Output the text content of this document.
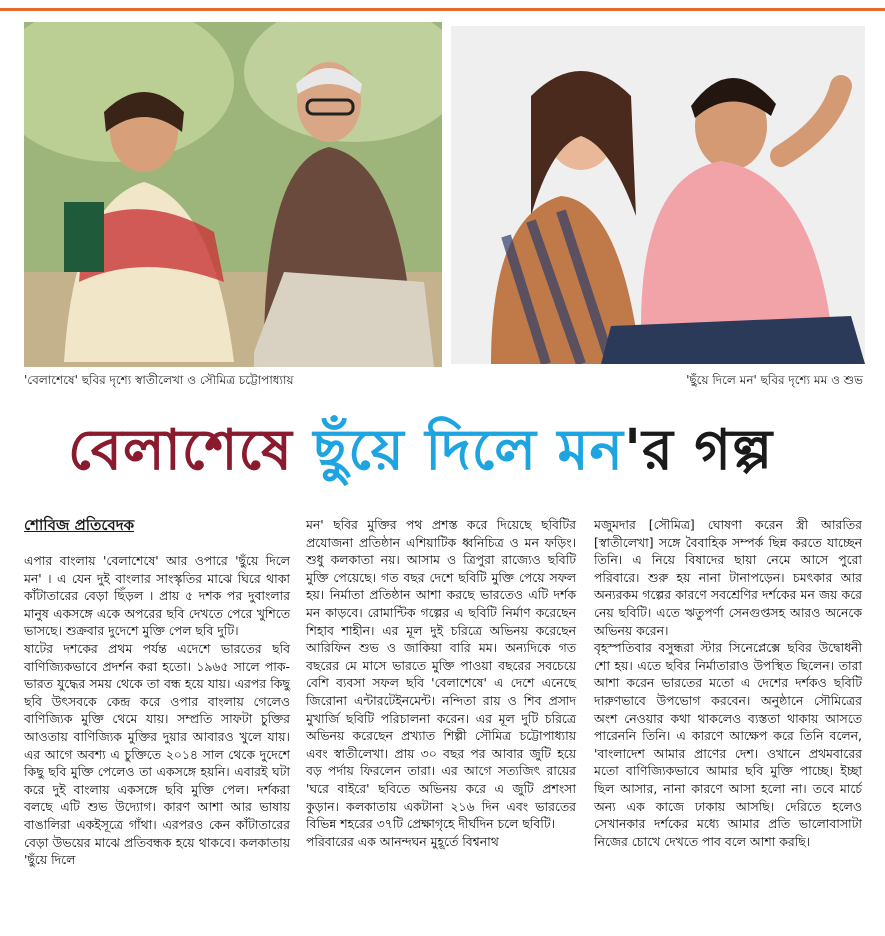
'বেলাশেষে' ছবির দৃশ্যে স্বাতীলেখা ও সৌমিত্র চট্টোপাধ্যায়	'ছুঁয়ে দিলে মন' ছবির দৃশ্যে মম ও শুভ
বেলাশেষে ছুঁয়ে দিলে মন'র গল্প
শোবিজ প্রতিবেদক

এপার বাংলায় 'বেলাশেষে' আর ওপারে 'ছুঁয়ে দিলে মন' । এ যেন দুই বাংলার সাংস্কৃতির মাঝে ঘিরে থাকা কাঁটাতারের বেড়া ছিঁড়ল । প্রায় ৫ দশক পর দুবাংলার মানুষ একসঙ্গে একে অপরের ছবি দেখতে পেরে খুশিতে ভাসছে। শুক্রবার দুদেশে মুক্তি পেল ছবি দুটি।

ষাটের দশকের প্রথম পর্যন্ত এদেশে ভারতের ছবি বাণিজ্যিকভাবে প্রদর্শন করা হতো। ১৯৬৫ সালে পাক-ভারত যুদ্ধের সময় থেকে তা বন্ধ হয়ে যায়। এরপর কিছু ছবি উৎসবকে কেন্দ্র করে ওপার বাংলায় গেলেও বাণিজ্যিক মুক্তি থেমে যায়। সম্প্রতি সাফটা চুক্তির আওতায় বাণিজ্যিক মুক্তির দুয়ার আবারও খুলে যায়। এর আগে অবশ্য এ চুক্তিতে ২০১৪ সাল থেকে দুদেশে কিছু ছবি মুক্তি পেলেও তা একসঙ্গে হয়নি। এবারই ঘটা করে দুই বাংলায় একসঙ্গে ছবি মুক্তি পেল। দর্শকরা বলছে এটি শুভ উদ্যোগ। কারণ আশা আর ভাষায় বাঙালিরা একইসূত্রে গাঁথা। এরপরও কেন কাঁটাতারের বেড়া উভয়ের মাঝে প্রতিবন্ধক হয়ে থাকবে। কলকাতায় 'ছুঁয়ে দিলে

মন' ছবির মুক্তির পথ প্রশস্ত করে দিয়েছে ছবিটির প্রযোজনা প্রতিষ্ঠান এশিয়াটিক ধ্বনিচিত্র ও মন ফড়িং। শুধু কলকাতা নয়। আসাম ও ত্রিপুরা রাজ্যেও ছবিটি মুক্তি পেয়েছে। গত বছর দেশে ছবিটি মুক্তি পেয়ে সফল হয়। নির্মাতা প্রতিষ্ঠান আশা করছে ভারতেও এটি দর্শক মন কাড়বে। রোমান্টিক গল্পের এ ছবিটি নির্মাণ করেছেন শিহাব শাহীন। এর মূল দুই চরিত্রে অভিনয় করেছেন আরিফিন শুভ ও জাকিয়া বারি মম। অন্যদিকে গত বছরের মে মাসে ভারতে মুক্তি পাওয়া বছরের সবচেয়ে বেশি ব্যবসা সফল ছবি 'বেলাশেষে' এ দেশে এনেছে জিরোনা এন্টারটেইনমেন্ট। নন্দিতা রায় ও শিব প্রসাদ মুখার্জি ছবিটি পরিচালনা করেন। এর মূল দুটি চরিত্রে অভিনয় করেছেন প্রখ্যাত শিল্পী সৌমিত্র চট্টোপাধ্যায় এবং স্বাতীলেখা। প্রায় ৩০ বছর পর আবার জুটি হয়ে বড় পর্দায় ফিরলেন তারা। এর আগে সত্যজিৎ রায়ের 'ঘরে বাইরে' ছবিতে অভিনয় করে এ জুটি প্রশংসা কুড়ান। কলকাতায় একটানা ২১৬ দিন এবং ভারতের বিভিন্ন শহরের ৩৭টি প্রেক্ষাগৃহে দীর্ঘদিন চলে ছবিটি।

পরিবারের এক আনন্দঘন মুহূর্তে বিশ্বনাথ

মজুমদার [সৌমিত্র] ঘোষণা করেন স্ত্রী আরতির [স্বাতীলেখা] সঙ্গে বৈবাহিক সম্পর্ক ছিন্ন করতে যাচ্ছেন তিনি। এ নিয়ে বিষাদের ছায়া নেমে আসে পুরো পরিবারে। শুরু হয় নানা টানাপড়েন। চমৎকার আর অন্যরকম গল্পের কারণে সবশ্রেণির দর্শকের মন জয় করে নেয় ছবিটি। এতে ঋতুপর্ণা সেনগুপ্তসহ আরও অনেকে অভিনয় করেন।

বৃহস্পতিবার বসুন্ধরা স্টার সিনেপ্লেক্সে ছবির উদ্বোধনী শো হয়। এতে ছবির নির্মাতারাও উপস্থিত ছিলেন। তারা আশা করেন ভারতের মতো এ দেশের দর্শকও ছবিটি দারুণভাবে উপভোগ করবেন। অনুষ্ঠানে সৌমিত্রের অংশ নেওয়ার কথা থাকলেও ব্যস্ততা থাকায় আসতে পারেননি তিনি। এ কারণে আক্ষেপ করে তিনি বলেন, 'বাংলাদেশ আমার প্রাণের দেশ। ওখানে প্রথমবারের মতো বাণিজ্যিকভাবে আমার ছবি মুক্তি পাচ্ছে। ইচ্ছা ছিল আসার, নানা কারণে আসা হলো না। তবে মার্চে অন্য এক কাজে ঢাকায় আসছি। দেরিতে হলেও সেখানকার দর্শকের মধ্যে আমার প্রতি ভালোবাসাটা নিজের চোখে দেখতে পাব বলে আশা করছি।
